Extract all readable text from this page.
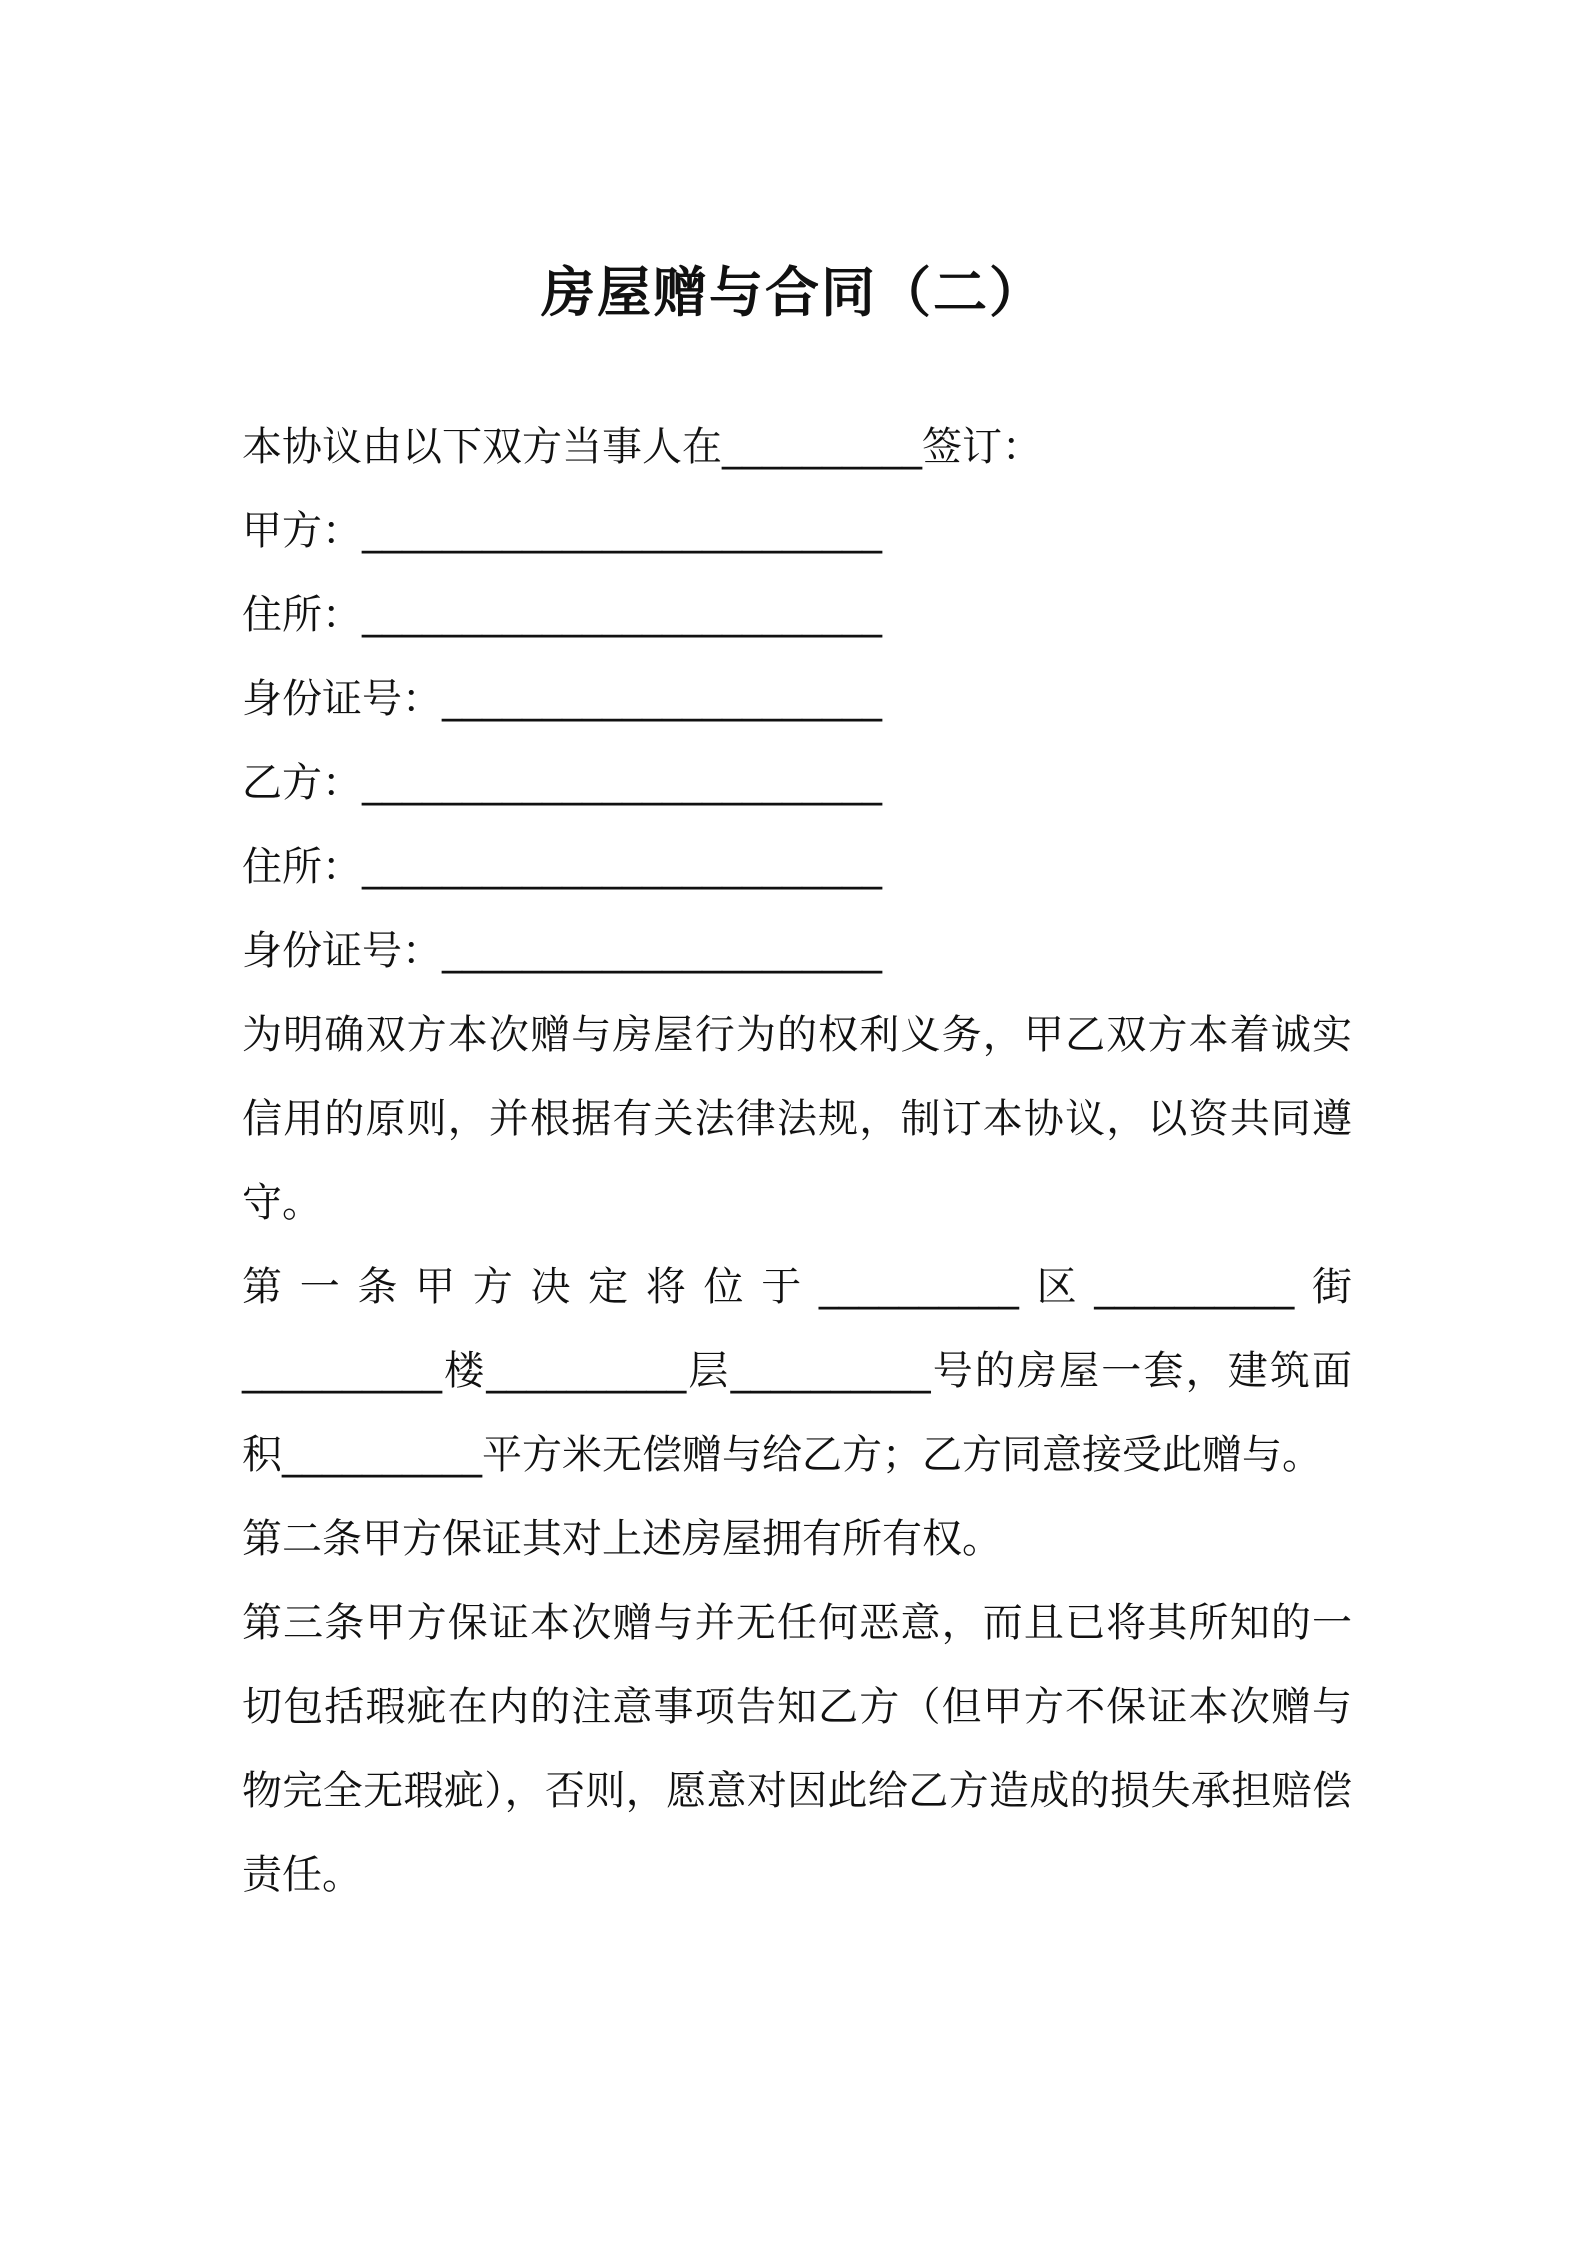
房屋赠与合同（二）
本协议由以下双方当事人在__________签订：
甲方：__________________________
住所：__________________________
身份证号：______________________
乙方：__________________________
住所：__________________________
身份证号：______________________
为明确双方本次赠与房屋行为的权利义务，甲乙双方本着诚实信用的原则，并根据有关法律法规，制订本协议，以资共同遵守。
第一条甲方决定将位于__________区__________街
__________楼__________层__________号的房屋一套，建筑面积__________平方米无偿赠与给乙方；乙方同意接受此赠与。
第二条甲方保证其对上述房屋拥有所有权。
第三条甲方保证本次赠与并无任何恶意，而且已将其所知的一切包括瑕疵在内的注意事项告知乙方（但甲方不保证本次赠与物完全无瑕疵），否则，愿意对因此给乙方造成的损失承担赔偿责任。
